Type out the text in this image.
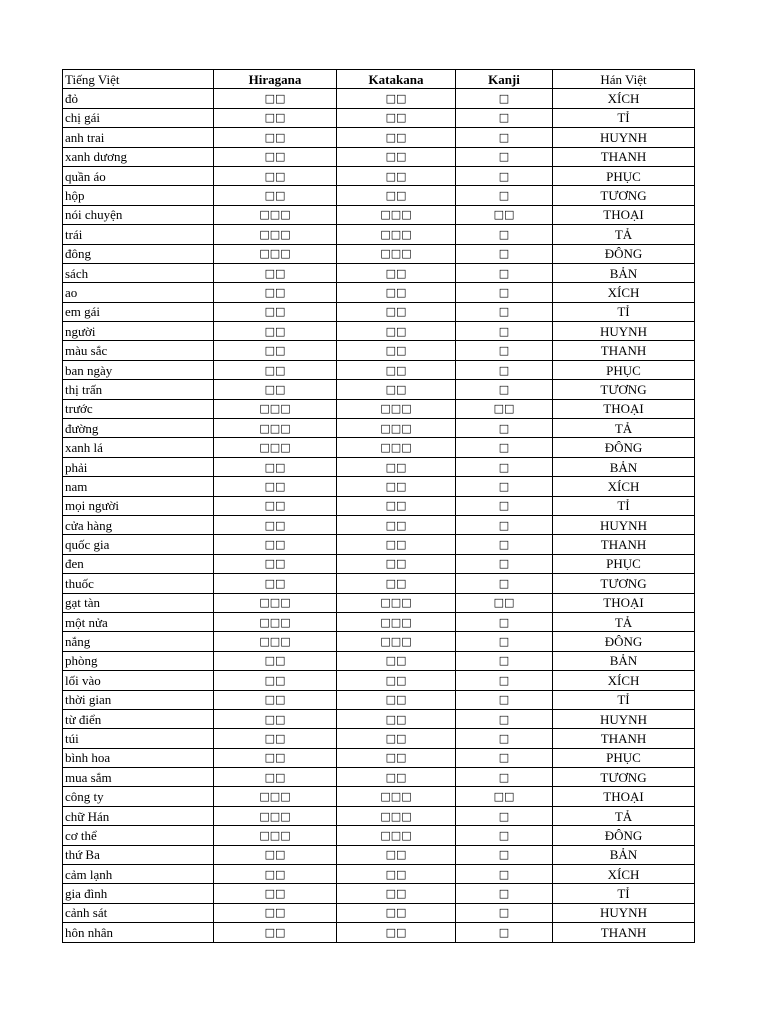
Tiếng Việt	Hiragana	Katakana	Kanji	Hán Việt
đỏ	□□	□□	□	XÍCH
chị gái	□□	□□	□	TỈ
anh trai	□□	□□	□	HUYNH
xanh dương	□□	□□	□	THANH
quần áo	□□	□□	□	PHỤC
hộp	□□	□□	□	TƯƠNG
nói chuyện	□□□	□□□	□□	THOẠI
trái	□□□	□□□	□	TẢ
đông	□□□	□□□	□	ĐÔNG
sách	□□	□□	□	BẢN
ao	□□	□□	□	XÍCH
em gái	□□	□□	□	TỈ
người	□□	□□	□	HUYNH
màu sắc	□□	□□	□	THANH
ban ngày	□□	□□	□	PHỤC
thị trấn	□□	□□	□	TƯƠNG
trước	□□□	□□□	□□	THOẠI
đường	□□□	□□□	□	TẢ
xanh lá	□□□	□□□	□	ĐÔNG
phải	□□	□□	□	BẢN
nam	□□	□□	□	XÍCH
mọi người	□□	□□	□	TỈ
cửa hàng	□□	□□	□	HUYNH
quốc gia	□□	□□	□	THANH
đen	□□	□□	□	PHỤC
thuốc	□□	□□	□	TƯƠNG
gạt tàn	□□□	□□□	□□	THOẠI
một nửa	□□□	□□□	□	TẢ
nắng	□□□	□□□	□	ĐÔNG
phòng	□□	□□	□	BẢN
lối vào	□□	□□	□	XÍCH
thời gian	□□	□□	□	TỈ
từ điển	□□	□□	□	HUYNH
túi	□□	□□	□	THANH
bình hoa	□□	□□	□	PHỤC
mua sắm	□□	□□	□	TƯƠNG
công ty	□□□	□□□	□□	THOẠI
chữ Hán	□□□	□□□	□	TẢ
cơ thể	□□□	□□□	□	ĐÔNG
thứ Ba	□□	□□	□	BẢN
cảm lạnh	□□	□□	□	XÍCH
gia đình	□□	□□	□	TỈ
cảnh sát	□□	□□	□	HUYNH
hôn nhân	□□	□□	□	THANH
